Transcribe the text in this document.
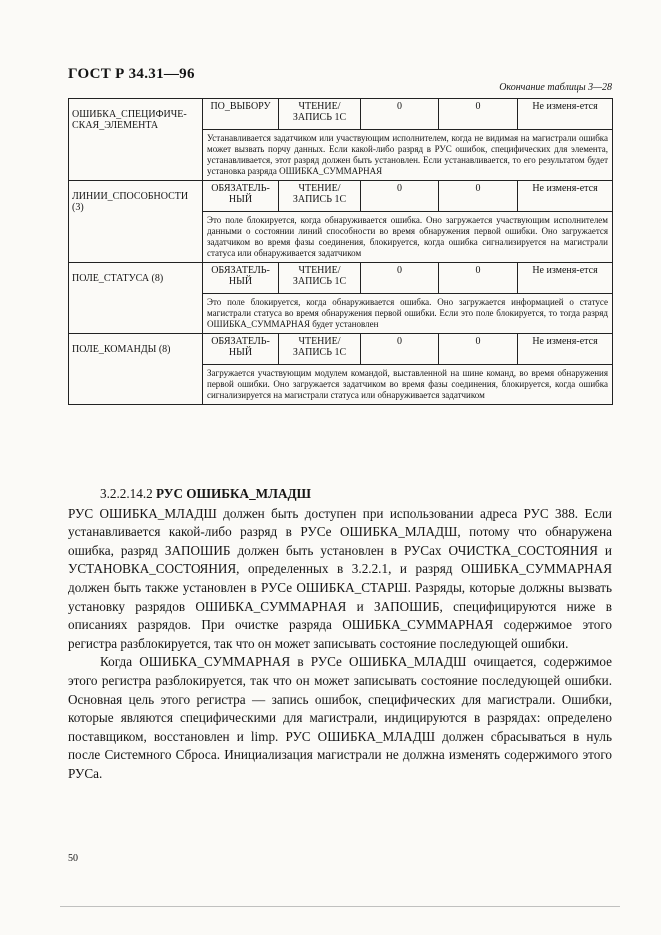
ГОСТ Р 34.31—96
Окончание таблицы 3—28
ОШИБКА_СПЕЦИФИЧЕ-СКАЯ_ЭЛЕМЕНТА	ПО_ВЫБОРУ	ЧТЕНИЕ/ ЗАПИСЬ 1С	0	0	Не изменя-ется
	Устанавливается задатчиком или участвующим исполнителем, когда не видимая на магистрали ошибка может вызвать порчу данных. Если какой-либо разряд в РУС ошибок, специфических для элемента, устанавливается, этот разряд должен быть установлен. Если устанавливается, то его результатом будет установка разряда ОШИБКА_СУММАРНАЯ				
ЛИНИИ_СПОСОБНОСТИ (3)	ОБЯЗАТЕЛЬ-НЫЙ	ЧТЕНИЕ/ ЗАПИСЬ 1С	0	0	Не изменя-ется
	Это поле блокируется, когда обнаруживается ошибка. Оно загружается участвующим исполнителем данными о состоянии линий способности во время обнаружения первой ошибки. Оно загружается задатчиком во время фазы соединения, блокируется, когда ошибка сигнализируется на магистрали статуса или обнаруживается задатчиком				
ПОЛЕ_СТАТУСА (8)	ОБЯЗАТЕЛЬ-НЫЙ	ЧТЕНИЕ/ ЗАПИСЬ 1С	0	0	Не изменя-ется
	Это поле блокируется, когда обнаруживается ошибка. Оно загружается информацией о статусе магистрали статуса во время обнаружения первой ошибки. Если это поле блокируется, то тогда разряд ОШИБКА_СУММАРНАЯ будет установлен				
ПОЛЕ_КОМАНДЫ (8)	ОБЯЗАТЕЛЬ-НЫЙ	ЧТЕНИЕ/ ЗАПИСЬ 1С	0	0	Не изменя-ется
	Загружается участвующим модулем командой, выставленной на шине команд, во время обнаружения первой ошибки. Оно загружается задатчиком во время фазы соединения, блокируется, когда ошибка сигнализируется на магистрали статуса или обнаруживается задатчиком				
3.2.2.14.2 РУС ОШИБКА_МЛАДШ

РУС ОШИБКА_МЛАДШ должен быть доступен при использовании адреса РУС 388. Если устанавливается какой-либо разряд в РУСе ОШИБКА_МЛАДШ, потому что обнаружена ошибка, разряд ЗАПОШИБ должен быть установлен в РУСах ОЧИСТКА_СОСТОЯНИЯ и УСТАНОВКА_СОСТОЯНИЯ, определенных в 3.2.2.1, и разряд ОШИБКА_СУММАРНАЯ должен быть также установлен в РУСе ОШИБКА_СТАРШ. Разряды, которые должны вызвать установку разрядов ОШИБКА_СУММАРНАЯ и ЗАПОШИБ, специфицируются ниже в описаниях разрядов. При очистке разряда ОШИБКА_СУММАРНАЯ содержимое этого регистра разблокируется, так что он может записывать состояние последующей ошибки.

Когда ОШИБКА_СУММАРНАЯ в РУСе ОШИБКА_МЛАДШ очищается, содержимое этого регистра разблокируется, так что он может записывать состояние последующей ошибки. Основная цель этого регистра — запись ошибок, специфических для магистрали. Ошибки, которые являются специфическими для магистрали, индицируются в разрядах: определено поставщиком, восстановлен и limp. РУС ОШИБКА_МЛАДШ должен сбрасываться в нуль после Системного Сброса. Инициализация магистрали не должна изменять содержимого этого РУСа.

50
